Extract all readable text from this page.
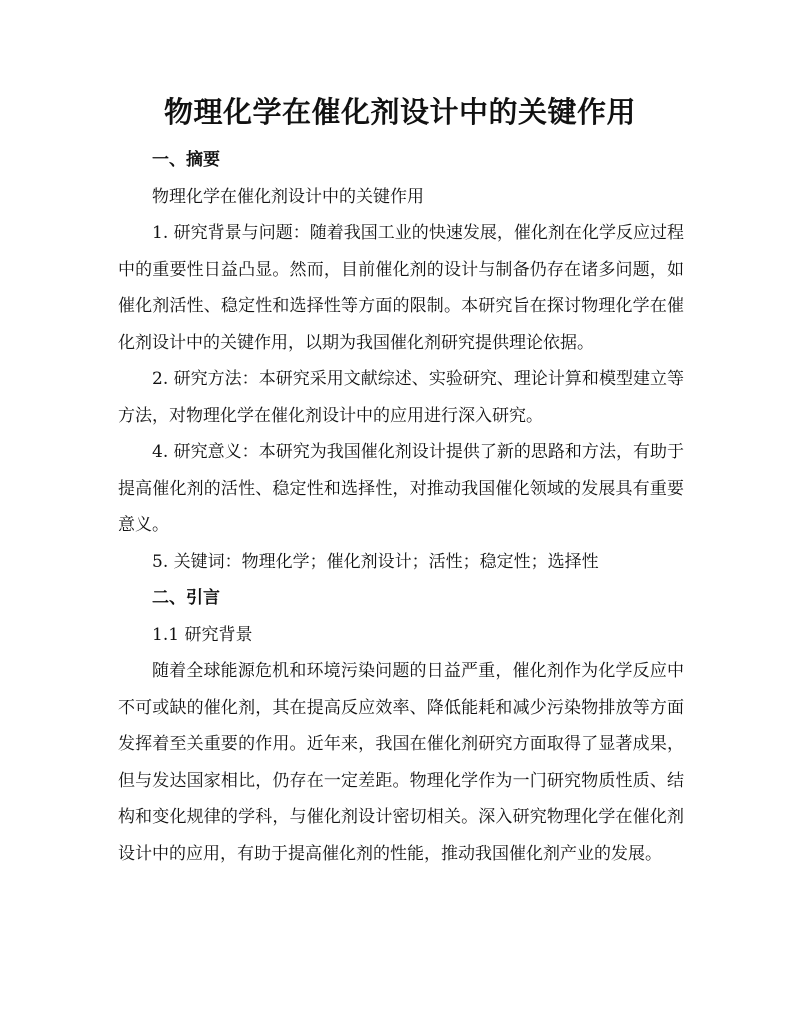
物理化学在催化剂设计中的关键作用
一、摘要

物理化学在催化剂设计中的关键作用

1. 研究背景与问题：随着我国工业的快速发展，催化剂在化学反应过程中的重要性日益凸显。然而，目前催化剂的设计与制备仍存在诸多问题，如催化剂活性、稳定性和选择性等方面的限制。本研究旨在探讨物理化学在催化剂设计中的关键作用，以期为我国催化剂研究提供理论依据。

2. 研究方法：本研究采用文献综述、实验研究、理论计算和模型建立等方法，对物理化学在催化剂设计中的应用进行深入研究。

4. 研究意义：本研究为我国催化剂设计提供了新的思路和方法，有助于提高催化剂的活性、稳定性和选择性，对推动我国催化领域的发展具有重要意义。

5. 关键词：物理化学；催化剂设计；活性；稳定性；选择性

二、引言

1.1 研究背景

随着全球能源危机和环境污染问题的日益严重，催化剂作为化学反应中不可或缺的催化剂，其在提高反应效率、降低能耗和减少污染物排放等方面发挥着至关重要的作用。近年来，我国在催化剂研究方面取得了显著成果，但与发达国家相比，仍存在一定差距。物理化学作为一门研究物质性质、结构和变化规律的学科，与催化剂设计密切相关。深入研究物理化学在催化剂设计中的应用，有助于提高催化剂的性能，推动我国催化剂产业的发展。
